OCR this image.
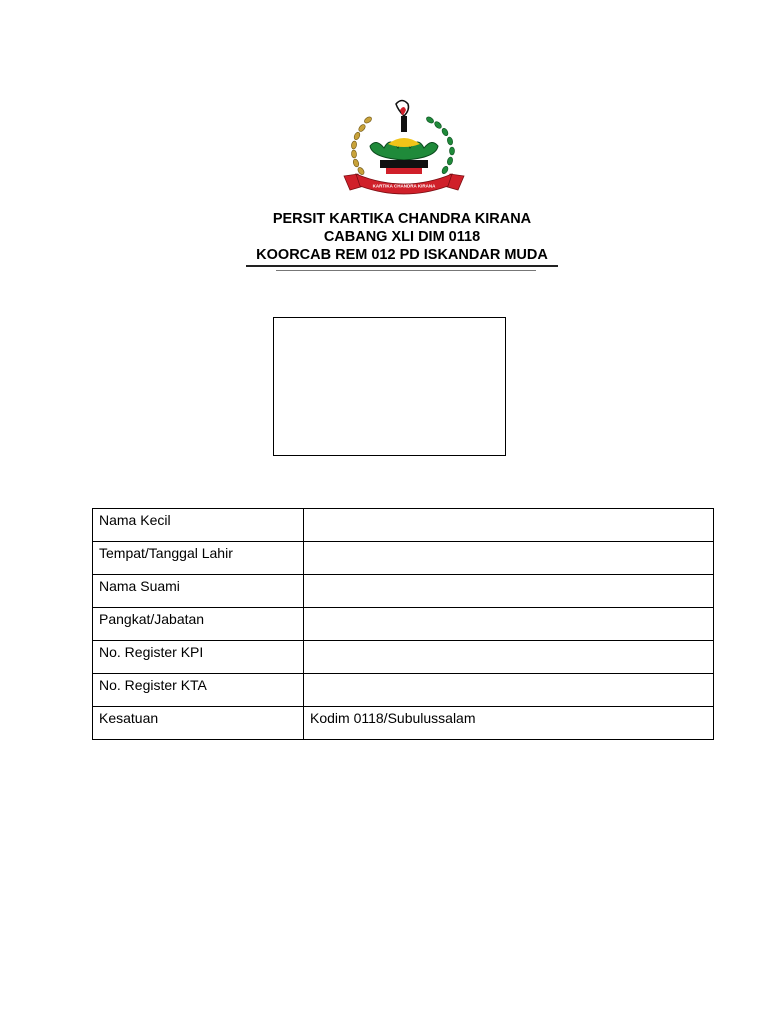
KARTIKA CHANDRA KIRANA
PERSIT KARTIKA CHANDRA KIRANA
CABANG XLI DIM 0118
KOORCAB REM 012 PD ISKANDAR MUDA
Nama Kecil	

Tempat/Tanggal Lahir	

Nama Suami	

Pangkat/Jabatan	

No. Register KPI	

No. Register KTA	

Kesatuan	Kodim 0118/Subulussalam
